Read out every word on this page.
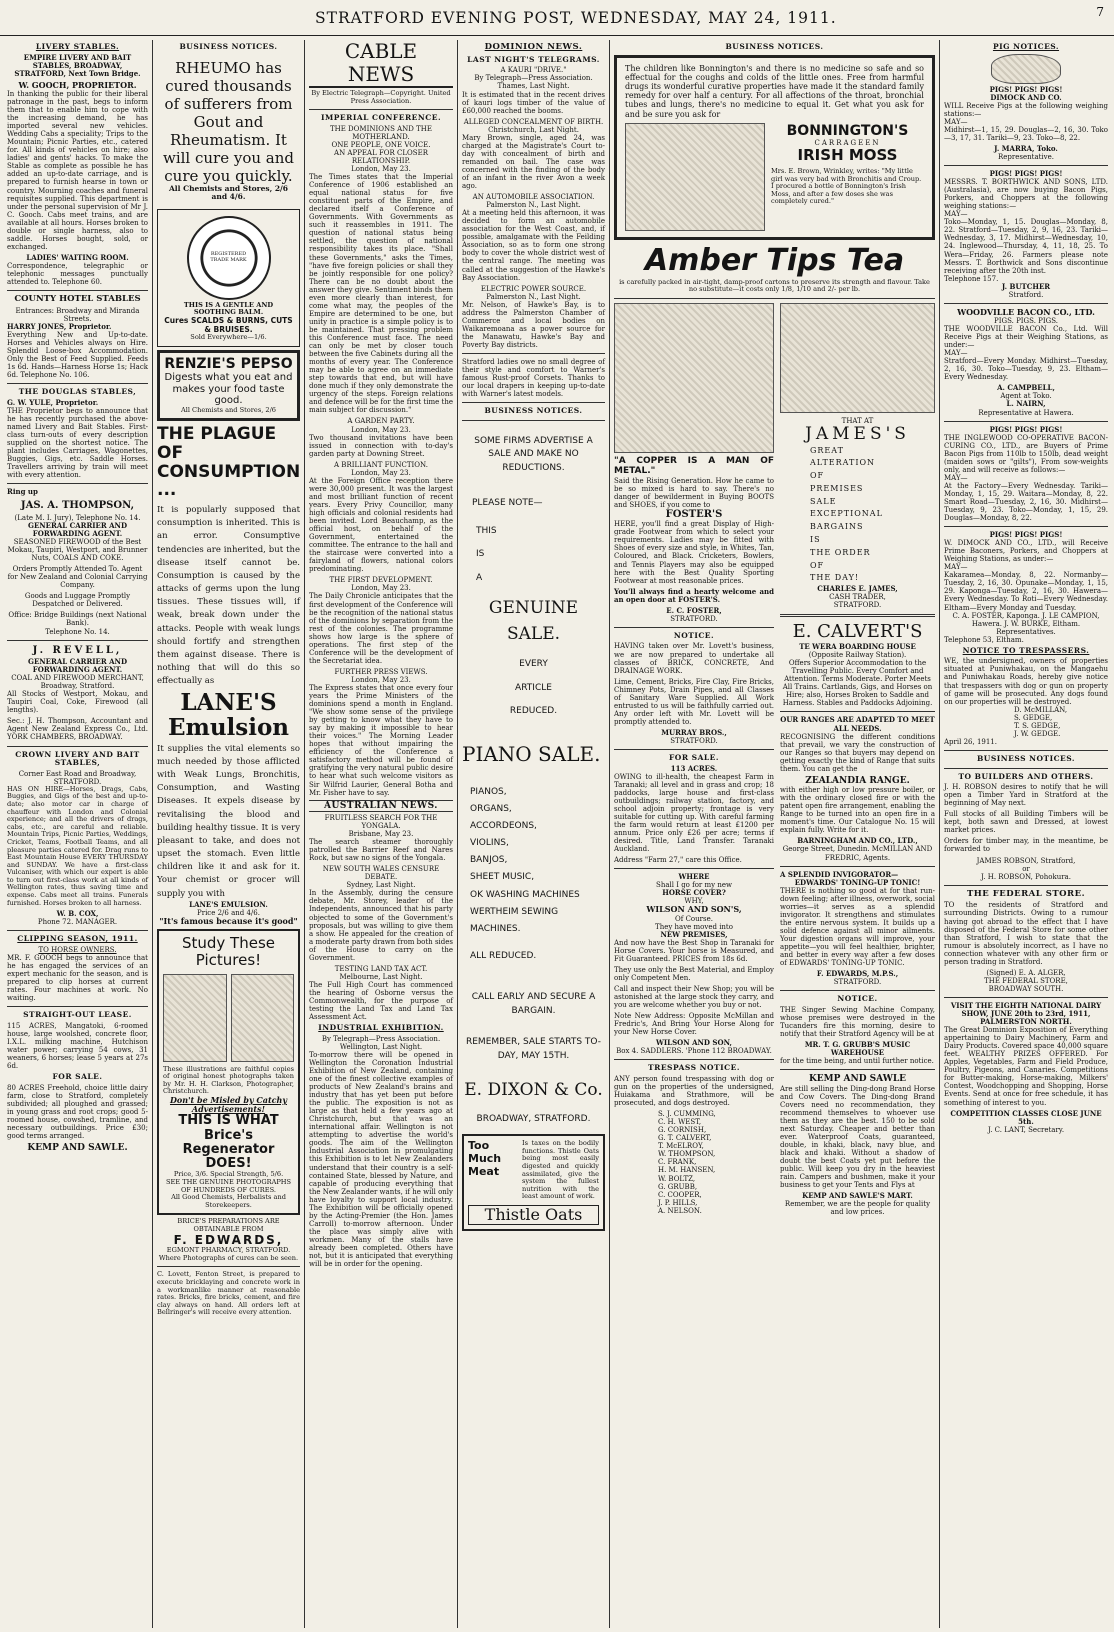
STRATFORD EVENING POST, WEDNESDAY, MAY 24, 1911.	7
LIVERY STABLES.
EMPIRE LIVERY AND BAIT STABLES, BROADWAY, STRATFORD, Next Town Bridge.
W. GOOCH, PROPRIETOR.
In thanking the public for their liberal patronage in the past, begs to inform them that to enable him to cope with the increasing demand, he has imported several new vehicles. Wedding Cabs a speciality; Trips to the Mountain; Picnic Parties, etc., catered for. All kinds of vehicles on hire; also ladies' and gents' hacks. To make the Stable as complete as possible he has added an up-to-date carriage, and is prepared to furnish hearse in town or country. Mourning coaches and funeral requisites supplied. This department is under the personal supervision of Mr J. C. Gooch. Cabs meet trains, and are available at all hours. Horses broken to double or single harness, also to saddle. Horses bought, sold, or exchanged.
LADIES' WAITING ROOM.
Correspondence, telegraphic or telephonic messages punctually attended to. Telephone 60.
COUNTY HOTEL STABLES
Entrances: Broadway and Miranda Streets.
HARRY JONES, Proprietor.
Everything New and Up-to-date. Horses and Vehicles always on Hire. Splendid Loose-box Accommodation. Only the Best of Feed Supplied. Feeds 1s 6d. Hands—Harness Horse 1s; Hack 6d. Telephone No. 106.
THE DOUGLAS STABLES,
G. W. YULE, Proprietor.
THE Proprietor begs to announce that he has recently purchased the above-named Livery and Bait Stables. First-class turn-outs of every description supplied on the shortest notice. The plant includes Carriages, Wagonettes, Buggies, Gigs, etc. Saddle Horses. Travellers arriving by train will meet with every attention.
Ring up
JAS. A. THOMPSON,
(Late M. I. Jury), Telephone No. 14.
GENERAL CARRIER AND FORWARDING AGENT.
SEASONED FIREWOOD of the Best Mokau, Taupiri, Westport, and Brunner Nuts, COALS AND COKE.
Orders Promptly Attended To. Agent for New Zealand and Colonial Carrying Company.
Goods and Luggage Promptly Despatched or Delivered.
Office: Bridge Buildings (next National Bank).
Telephone No. 14.
J. REVELL,
GENERAL CARRIER AND FORWARDING AGENT.
COAL AND FIREWOOD MERCHANT, Broadway, Stratford.
All Stocks of Westport, Mokau, and Taupiri Coal, Coke, Firewood (all lengths).
Sec.: J. H. Thompson, Accountant and Agent New Zealand Express Co., Ltd. YORK CHAMBERS, BROADWAY.
CROWN LIVERY AND BAIT STABLES,
Corner East Road and Broadway, STRATFORD.
HAS ON HIRE—Horses, Drags, Cabs, Buggies, and Gigs of the best and up-to-date; also motor car in charge of chauffeur with London and Colonial experience; and all the drivers of drags, cabs, etc., are careful and reliable. Mountain Trips, Picnic Parties, Weddings, Cricket, Teams, Football Teams, and all pleasure parties catered for. Drag runs to East Mountain House EVERY THURSDAY and SUNDAY. We have a first-class Vulcaniser, with which our expert is able to turn out first-class work at all kinds of Wellington rates, thus saving time and expense. Cabs meet all trains. Funerals furnished. Horses broken to all harness.
W. B. COX,
Phone 72. MANAGER.
CLIPPING SEASON, 1911.
TO HORSE OWNERS.
MR. F. GOOCH begs to announce that he has engaged the services of an expert mechanic for the season, and is prepared to clip horses at current rates. Four machines at work. No waiting.
STRAIGHT-OUT LEASE.
115 ACRES, Mangatoki, 6-roomed house, large woolshed, concrete floor, I.X.L. milking machine, Hutchison water power; carrying 54 cows, 31 weaners, 6 horses; lease 5 years at 27s 6d.
FOR SALE.
80 ACRES Freehold, choice little dairy farm, close to Stratford, completely subdivided; all ploughed and grassed; in young grass and root crops; good 5-roomed house, cowshed, tramline, and necessary outbuildings. Price £30; good terms arranged.
KEMP AND SAWLE.
BUSINESS NOTICES.
RHEUMO has cured thousands of sufferers from Gout and Rheumatism. It will cure you and cure you quickly.
All Chemists and Stores, 2/6 and 4/6.
REGISTERED TRADE MARK
THIS IS A GENTLE AND SOOTHING BALM.
Cures SCALDS & BURNS, CUTS & BRUISES.
Sold Everywhere—1/6.
RENZIE'S PEPSO
Digests what you eat and makes your food taste good.
All Chemists and Stores, 2/6
THE PLAGUE OF CONSUMPTION ...
It is popularly supposed that consumption is inherited. This is an error. Consumptive tendencies are inherited, but the disease itself cannot be. Consumption is caused by the attacks of germs upon the lung tissues. These tissues will, if weak, break down under the attacks. People with weak lungs should fortify and strengthen them against disease. There is nothing that will do this so effectually as
LANE'S Emulsion
It supplies the vital elements so much needed by those afflicted with Weak Lungs, Bronchitis, Consumption, and Wasting Diseases. It expels disease by revitalising the blood and building healthy tissue. It is very pleasant to take, and does not upset the stomach. Even little children like it and ask for it. Your chemist or grocer will supply you with
LANE'S EMULSION.
Price 2/6 and 4/6.
"It's famous because it's good"
Study These Pictures!
These illustrations are faithful copies of original honest photographs taken by Mr. H. H. Clarkson, Photographer, Christchurch.
Don't be Misled by Catchy Advertisements!
THIS IS WHAT Brice's Regenerator DOES!
Price, 3/6. Special Strength, 5/6.
SEE THE GENUINE PHOTOGRAPHS OF HUNDREDS OF CURES.
All Good Chemists, Herbalists and Storekeepers.
BRICE'S PREPARATIONS ARE OBTAINABLE FROM
F. EDWARDS,
EGMONT PHARMACY, STRATFORD.
Where Photographs of cures can be seen.
C. Lovett, Fenton Street, is prepared to execute bricklaying and concrete work in a workmanlike manner at reasonable rates. Bricks, fire bricks, cement, and fire clay always on hand. All orders left at Bellringer's will receive every attention.
CABLE NEWS
By Electric Telegraph—Copyright. United Press Association.
IMPERIAL CONFERENCE.
THE DOMINIONS AND THE MOTHERLAND.
ONE PEOPLE, ONE VOICE.
AN APPEAL FOR CLOSER RELATIONSHIP.
London, May 23.
The Times states that the Imperial Conference of 1906 established an equal national status for five constituent parts of the Empire, and declared itself a Conference of Governments. With Governments as such it reassembles in 1911. The question of national status being settled, the question of national responsibility takes its place. "Shall these Governments," asks the Times, "have five foreign policies or shall they be jointly responsible for one policy? There can be no doubt about the answer they give. Sentiment binds them even more clearly than interest, for come what may, the peoples of the Empire are determined to be one, but unity in practice is a simple policy is to be maintained. That pressing problem this Conference must face. The need can only be met by closer touch between the five Cabinets during all the months of every year. The Conference may be able to agree on an immediate step towards that end, but will have done much if they only demonstrate the urgency of the steps. Foreign relations and defence will be for the first time the main subject for discussion."
A GARDEN PARTY.
London, May 23.
Two thousand invitations have been issued in connection with to-day's garden party at Downing Street.
A BRILLIANT FUNCTION.
London, May 23.
At the Foreign Office reception there were 30,000 present. It was the largest and most brilliant function of recent years. Every Privy Councillor, many high officials and colonial residents had been invited. Lord Beauchamp, as the official host, on behalf of the Government, entertained the committee. The entrance to the hall and the staircase were converted into a fairyland of flowers, national colors predominating.
THE FIRST DEVELOPMENT.
London, May 23.
The Daily Chronicle anticipates that the first development of the Conference will be the recognition of the national status of the dominions by separation from the rest of the colonies. The programme shows how large is the sphere of operations. The first step of the Conference will be the development of the Secretariat idea.
FURTHER PRESS VIEWS.
London, May 23.
The Express states that once every four years the Prime Ministers of the dominions spend a month in England. "We show some sense of the privilege by getting to know what they have to say by making it impossible to hear their voices." The Morning Leader hopes that without impairing the efficiency of the Conference a satisfactory method will be found of gratifying the very natural public desire to hear what such welcome visitors as Sir Wilfrid Laurier, General Botha and Mr. Fisher have to say.
AUSTRALIAN NEWS.
FRUITLESS SEARCH FOR THE YONGALA.
Brisbane, May 23.
The search steamer thoroughly patrolled the Barrier Reef and Nares Rock, but saw no signs of the Yongala.
NEW SOUTH WALES CENSURE DEBATE.
Sydney, Last Night.
In the Assembly, during the censure debate, Mr. Storey, leader of the Independents, announced that his party objected to some of the Government's proposals, but was willing to give them a show. He appealed for the creation of a moderate party drawn from both sides of the House to carry on the Government.
TESTING LAND TAX ACT.
Melbourne, Last Night.
The Full High Court has commenced the hearing of Osborne versus the Commonwealth, for the purpose of testing the Land Tax and Land Tax Assessment Act.
INDUSTRIAL EXHIBITION.
By Telegraph—Press Association. Wellington, Last Night.
To-morrow there will be opened in Wellington the Coronation Industrial Exhibition of New Zealand, containing one of the finest collective examples of products of New Zealand's brains and industry that has yet been put before the public. The exposition is not as large as that held a few years ago at Christchurch, but that was an international affair. Wellington is not attempting to advertise the world's goods. The aim of the Wellington Industrial Association in promulgating this Exhibition is to let New Zealanders understand that their country is a self-contained State, blessed by Nature, and capable of producing everything that the New Zealander wants, if he will only have loyalty to support local industry. The Exhibition will be officially opened by the Acting-Premier (the Hon. James Carroll) to-morrow afternoon. Under the place was simply alive with workmen. Many of the stalls have already been completed. Others have not, but it is anticipated that everything will be in order for the opening.
DOMINION NEWS.
LAST NIGHT'S TELEGRAMS.
A KAURI "DRIVE."
By Telegraph—Press Association. Thames, Last Night.
It is estimated that in the recent drives of kauri logs timber of the value of £60,000 reached the booms.
ALLEGED CONCEALMENT OF BIRTH.
Christchurch, Last Night.
Mary Brown, single, aged 24, was charged at the Magistrate's Court to-day with concealment of birth and remanded on bail. The case was concerned with the finding of the body of an infant in the river Avon a week ago.
AN AUTOMOBILE ASSOCIATION.
Palmerston N., Last Night.
At a meeting held this afternoon, it was decided to form an automobile association for the West Coast, and, if possible, amalgamate with the Feilding Association, so as to form one strong body to cover the whole district west of the central range. The meeting was called at the suggestion of the Hawke's Bay Association.
ELECTRIC POWER SOURCE.
Palmerston N., Last Night.
Mr. Nelson, of Hawke's Bay, is to address the Palmerston Chamber of Commerce and local bodies on Waikaremoana as a power source for the Manawatu, Hawke's Bay and Poverty Bay districts.
Stratford ladies owe no small degree of their style and comfort to Warner's famous Rust-proof Corsets. Thanks to our local drapers in keeping up-to-date with Warner's latest models.
BUSINESS NOTICES.
SOME FIRMS ADVERTISE A SALE AND MAKE NO REDUCTIONS.
PLEASE NOTE—
THIS
IS
A
GENUINE
SALE.
EVERY
ARTICLE
REDUCED.
PIANO SALE.
PIANOS,
ORGANS,
ACCORDEONS,
VIOLINS,
BANJOS,
SHEET MUSIC,
OK WASHING MACHINES
WERTHEIM SEWING
MACHINES.
ALL REDUCED.
CALL EARLY AND SECURE A BARGAIN.
REMEMBER, SALE STARTS TO-DAY, MAY 15TH.
E. DIXON & Co.
BROADWAY, STRATFORD.
Too Much Meat
Is taxes on the bodily functions. Thistle Oats being most easily digested and quickly assimilated, give the system the fullest nutrition with the least amount of work.
Thistle Oats
BUSINESS NOTICES.
The children like Bonnington's and there is no medicine so safe and so effectual for the coughs and colds of the little ones. Free from harmful drugs its wonderful curative properties have made it the standard family remedy for over half a century. For all affections of the throat, bronchial tubes and lungs, there's no medicine to equal it. Get what you ask for and be sure you ask for
BONNINGTON'S
CARRAGEEN
IRISH MOSS
Mrs. E. Brown, Wrinkley, writes: "My little girl was very bad with Bronchitis and Croup. I procured a bottle of Bonnington's Irish Moss, and after a few doses she was completely cured."
Amber Tips Tea
is carefully packed in air-tight, damp-proof cartons to preserve its strength and flavour. Take no substitute—it costs only 1/8, 1/10 and 2/- per lb.
"A COPPER IS A MAN OF METAL."
Said the Rising Generation. How he came to be so mixed is hard to say. There's no danger of bewilderment in Buying BOOTS and SHOES, if you come to
FOSTER'S
HERE, you'll find a great Display of High-grade Footwear from which to select your requirements. Ladies may be fitted with Shoes of every size and style, in Whites, Tan, Coloured, and Black. Cricketers, Bowlers, and Tennis Players may also be equipped here with the Best Quality Sporting Footwear at most reasonable prices.
You'll always find a hearty welcome and an open door at FOSTER'S.
E. C. FOSTER,
STRATFORD.
NOTICE.
HAVING taken over Mr. Lovett's business, we are now prepared to undertake all classes of BRICK, CONCRETE, And DRAINAGE WORK.
Lime, Cement, Bricks, Fire Clay, Fire Bricks, Chimney Pots, Drain Pipes, and all Classes of Sanitary Ware Supplied. All Work entrusted to us will be faithfully carried out. Any order left with Mr. Lovett will be promptly attended to.
MURRAY BROS.,
STRATFORD.
FOR SALE.
113 ACRES.
OWING to ill-health, the cheapest Farm in Taranaki; all level and in grass and crop; 18 paddocks, large house and first-class outbuildings; railway station, factory, and school adjoin property; frontage is very suitable for cutting up. With careful farming the farm would return at least £1200 per annum. Price only £26 per acre; terms if desired. Title, Land Transfer. Taranaki Auckland.
Address "Farm 27," care this Office.
WHERE
Shall I go for my new
HORSE COVER?
WHY,
WILSON AND SON'S,
Of Course.
They have moved into
NEW PREMISES,
And now have the Best Shop in Taranaki for Horse Covers. Your horse is Measured, and Fit Guaranteed. PRICES from 18s 6d.
They use only the Best Material, and Employ only Competent Men.
Call and inspect their New Shop; you will be astonished at the large stock they carry, and you are welcome whether you buy or not.
Note New Address: Opposite McMillan and Fredric's, And Bring Your Horse Along for your New Horse Cover.
WILSON AND SON,
Box 4. SADDLERS. 'Phone 112 BROADWAY.
TRESPASS NOTICE.
ANY person found trespassing with dog or gun on the properties of the undersigned, Huiakama and Strathmore, will be prosecuted, and dogs destroyed.
S. J. CUMMING,
C. H. WEST,
G. CORNISH,
G. T. CALVERT,
T. McELROY,
W. THOMPSON,
C. FRANK,
H. M. HANSEN,
W. BOLTZ,
G. GRUBB,
C. COOPER,
J. P. HILLS,
A. NELSON.
THAT AT
JAMES'S
GREAT
ALTERATION
OF
PREMISES
SALE
EXCEPTIONAL
BARGAINS
IS
THE ORDER
OF
THE DAY!
CHARLES E. JAMES,
CASH TRADER,
STRATFORD.
E. CALVERT'S
TE WERA BOARDING HOUSE
(Opposite Railway Station).
Offers Superior Accommodation to the Travelling Public. Every Comfort and Attention. Terms Moderate. Porter Meets All Trains. Cartlands, Gigs, and Horses on Hire; also, Horses Broken to Saddle and Harness. Stables and Paddocks Adjoining.
OUR RANGES ARE ADAPTED TO MEET ALL NEEDS.
RECOGNISING the different conditions that prevail, we vary the construction of our Ranges so that buyers may depend on getting exactly the kind of Range that suits them. You can get the
ZEALANDIA RANGE.
with either high or low pressure boiler, or with the ordinary closed fire or with the patent open fire arrangement, enabling the Range to be turned into an open fire in a moment's time. Our Catalogue No. 15 will explain fully. Write for it.
BARNINGHAM AND CO., LTD.,
George Street, Dunedin. McMILLAN AND FREDRIC, Agents.
A SPLENDID INVIGORATOR—
EDWARDS' TONING-UP TONIC!
THERE is nothing so good at for that run-down feeling; after illness, overwork, social worries—it serves as a splendid invigorator. It strengthens and stimulates the entire nervous system. It builds up a solid defence against all minor ailments. Your digestion organs will improve, your appetite—you will feel healthier, brighter, and better in every way after a few doses of EDWARDS' TONING-UP TONIC.
F. EDWARDS, M.P.S.,
STRATFORD.
NOTICE.
THE Singer Sewing Machine Company, whose premises were destroyed in the Tucanders fire this morning, desire to notify that their Stratford Agency will be at
MR. T. G. GRUBB'S MUSIC WAREHOUSE
for the time being, and until further notice.
KEMP AND SAWLE
Are still selling the Ding-dong Brand Horse and Cow Covers. The Ding-dong Brand Covers need no recommendation, they recommend themselves to whoever use them as they are the best. 150 to be sold next Saturday. Cheaper and better than ever. Waterproof Coats, guaranteed, double, in khaki, black, navy blue, and black and khaki. Without a shadow of doubt the best Coats yet put before the public. Will keep you dry in the heaviest rain. Campers and bushmen, make it your business to get your Tents and Flys at
KEMP AND SAWLE'S MART.
Remember, we are the people for quality and low prices.
PIG NOTICES.
PIGS! PIGS! PIGS!
DIMOCK AND CO.
WILL Receive Pigs at the following weighing stations:—
MAY—
Midhirst—1, 15, 29. Douglas—2, 16, 30. Toko—3, 17, 31. Tariki—9, 23. Toko—8, 22.
J. MARRA, Toko.
Representative.
PIGS! PIGS! PIGS!
MESSRS. T. BORTHWICK AND SONS, LTD. (Australasia), are now buying Bacon Pigs, Porkers, and Choppers at the following weighing stations:—
MAY—
Toko—Monday, 1, 15. Douglas—Monday, 8, 22. Stratford—Tuesday, 2, 9, 16, 23. Tariki—Wednesday, 3, 17. Midhirst—Wednesday, 10, 24. Inglewood—Thursday, 4, 11, 18, 25. To Wera—Friday, 26. Farmers please note Messrs. T. Borthwick and Sons discontinue receiving after the 20th inst.
Telephone 157.
J. BUTCHER
Stratford.
WOODVILLE BACON CO., LTD.
PIGS. PIGS. PIGS.
THE WOODVILLE BACON Co., Ltd. Will Receive Pigs at their Weighing Stations, as under:—
MAY—
Stratford—Every Monday. Midhirst—Tuesday, 2, 16, 30. Toko—Tuesday, 9, 23. Eltham—Every Wednesday.
A. CAMPBELL,
Agent at Toko.
L. NAIRN,
Representative at Hawera.
PIGS! PIGS! PIGS!
THE INGLEWOOD CO-OPERATIVE BACON-CURING CO., LTD., are Buyers of Prime Bacon Pigs from 110lb to 150lb, dead weight (maiden sows or "gilts"), From sow-weights only, and will receive as follows:—
MAY—
At the Factory—Every Wednesday. Tariki—Monday, 1, 15, 29. Waitara—Monday, 8, 22. Smart Road—Tuesday, 2, 16, 30. Midhirst—Tuesday, 9, 23. Toko—Monday, 1, 15, 29. Douglas—Monday, 8, 22.
PIGS! PIGS! PIGS!
W. DIMOCK AND CO., LTD., will Receive Prime Baconers, Porkers, and Choppers at Weighing Stations, as under:—
MAY—
Kakaramea—Monday, 8, 22. Normanby—Tuesday, 2, 16, 30. Opunake—Monday, 1, 15, 29. Kaponga—Tuesday, 2, 16, 30. Hawera—Every Wednesday. To Roti—Every Wednesday. Eltham—Every Monday and Tuesday.
C. A. FOSTER, Kaponga. J. LE CAMPION, Hawera. J. W. BURKE, Eltham.
Representatives.
Telephone 53, Eltham.
NOTICE TO TRESPASSERS.
WE, the undersigned, owners of properties situated at Puniwhakau, on the Mangaehu and Puniwhakau Roads, hereby give notice that trespassers with dog or gun on property of game will be prosecuted. Any dogs found on our properties will be destroyed.
D. McMILLAN,
S. GEDGE,
T. S. GEDGE,
J. W. GEDGE.
April 26, 1911.
BUSINESS NOTICES.
TO BUILDERS AND OTHERS.
J. H. ROBSON desires to notify that he will open a Timber Yard in Stratford at the beginning of May next.
Full stocks of all Building Timbers will be kept, both sawn and Dressed, at lowest market prices.
Orders for timber may, in the meantime, be forwarded to
JAMES ROBSON, Stratford,
or
J. H. ROBSON, Pohokura.
THE FEDERAL STORE.
TO the residents of Stratford and surrounding Districts. Owing to a rumour having got abroad to the effect that I have disposed of the Federal Store for some other than Stratford, I wish to state that the rumour is absolutely incorrect, as I have no connection whatever with any other firm or person trading in Stratford.
(Signed) E. A. ALGER,
THE FEDERAL STORE,
BROADWAY SOUTH.
VISIT THE EIGHTH NATIONAL DAIRY SHOW, JUNE 20th to 23rd, 1911, PALMERSTON NORTH.
The Great Dominion Exposition of Everything appertaining to Dairy Machinery, Farm and Dairy Products. Covered space 40,000 square feet. WEALTHY PRIZES OFFERED. For Apples, Vegetables, Farm and Field Produce, Poultry, Pigeons, and Canaries. Competitions for Butter-making, Horse-making, Milkers' Contest, Woodchopping and Shopping, Horse Events. Send at once for free schedule, it has something of interest to you.
COMPETITION CLASSES CLOSE JUNE 5th.
J. C. LANT, Secretary.
